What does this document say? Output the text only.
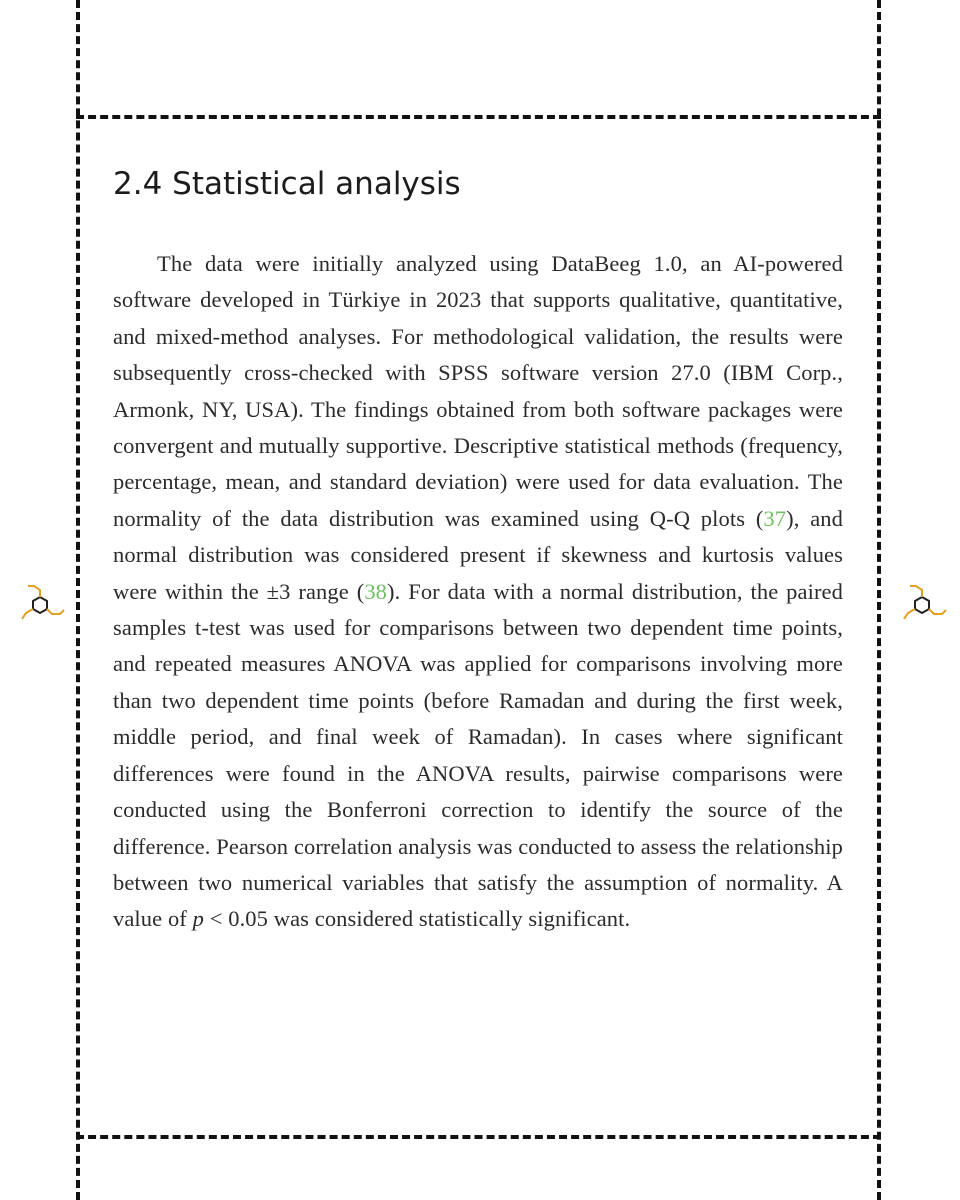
2.4 Statistical analysis

The data were initially analyzed using DataBeeg 1.0, an AI-powered software developed in Türkiye in 2023 that supports qualitative, quantitative, and mixed-method analyses. For methodological validation, the results were subsequently cross-checked with SPSS software version 27.0 (IBM Corp., Armonk, NY, USA). The findings obtained from both software packages were convergent and mutually supportive. Descriptive statistical methods (frequency, percentage, mean, and standard deviation) were used for data evaluation. The normality of the data distribution was examined using Q-Q plots (37), and normal distribution was considered present if skewness and kurtosis values were within the ±3 range (38). For data with a normal distribution, the paired samples t-test was used for comparisons between two dependent time points, and repeated measures ANOVA was applied for comparisons involving more than two dependent time points (before Ramadan and during the first week, middle period, and final week of Ramadan). In cases where significant differences were found in the ANOVA results, pairwise comparisons were conducted using the Bonferroni correction to identify the source of the difference. Pearson correlation analysis was conducted to assess the relationship between two numerical variables that satisfy the assumption of normality. A value of p < 0.05 was considered statistically significant.
